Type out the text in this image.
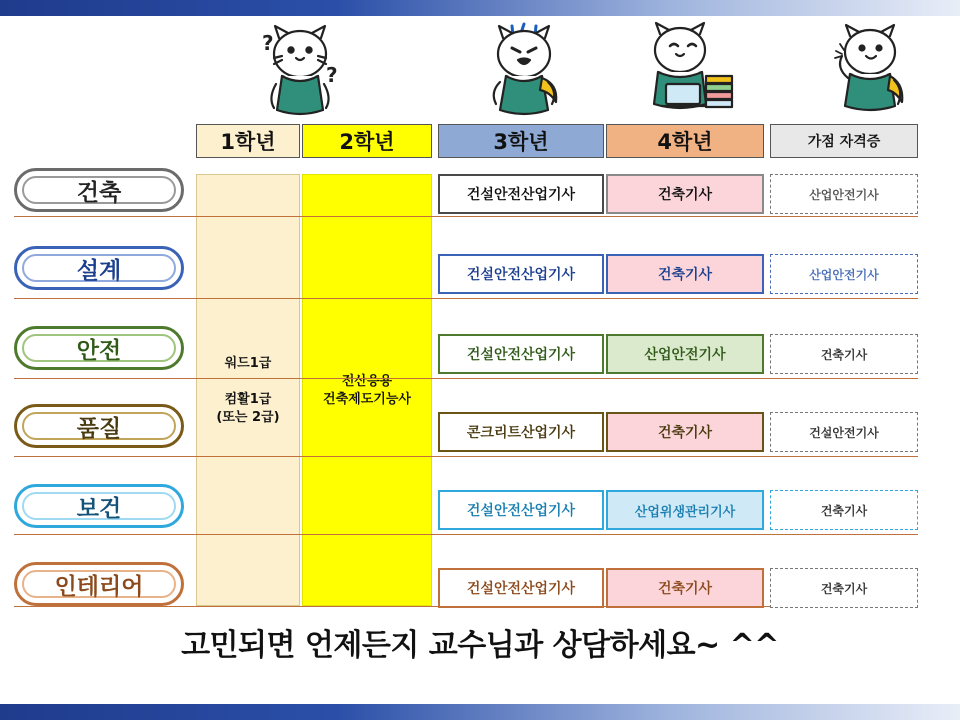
?
?
1학년	2학년	3학년	4학년	가점 자격증
워드1급
컴활1급
(또는 2급)
전산응용
건축제도기능사
건축	건설안전산업기사	건축기사	산업안전기사
설계	건설안전산업기사	건축기사	산업안전기사
안전	건설안전산업기사	산업안전기사	건축기사
품질	콘크리트산업기사	건축기사	건설안전기사
보건	건설안전산업기사	산업위생관리기사	건축기사
인테리어	건설안전산업기사	건축기사	건축기사
고민되면 언제든지 교수님과 상담하세요~ ^^
